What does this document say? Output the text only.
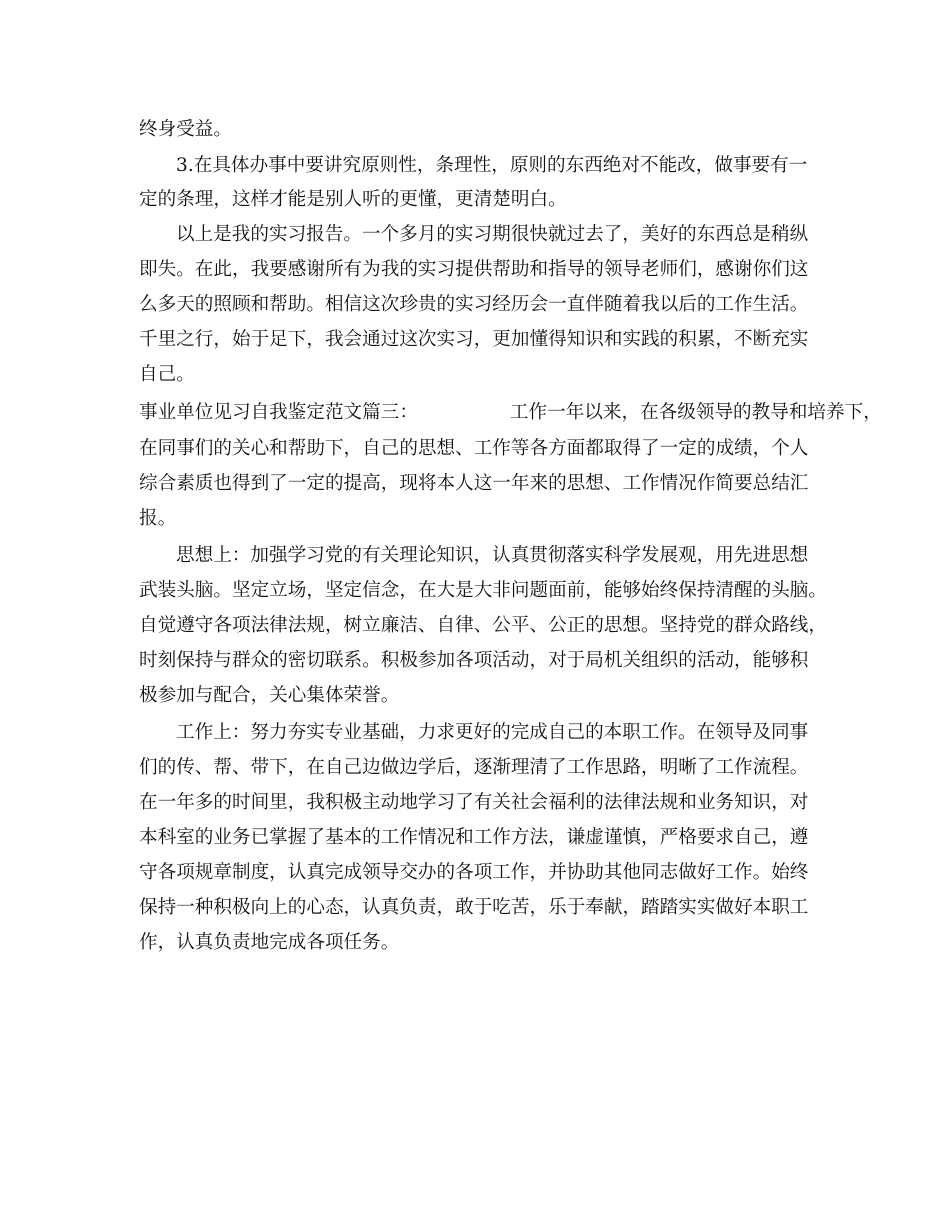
终身受益。
3.在具体办事中要讲究原则性，条理性，原则的东西绝对不能改，做事要有一
定的条理，这样才能是别人听的更懂，更清楚明白。
以上是我的实习报告。一个多月的实习期很快就过去了，美好的东西总是稍纵
即失。在此，我要感谢所有为我的实习提供帮助和指导的领导老师们，感谢你们这
么多天的照顾和帮助。相信这次珍贵的实习经历会一直伴随着我以后的工作生活。
千里之行，始于足下，我会通过这次实习，更加懂得知识和实践的积累，不断充实
自己。
事业单位见习自我鉴定范文篇三：	工作一年以来，在各级领导的教导和培养下，
在同事们的关心和帮助下，自己的思想、工作等各方面都取得了一定的成绩，个人
综合素质也得到了一定的提高，现将本人这一年来的思想、工作情况作简要总结汇
报。
思想上：加强学习党的有关理论知识，认真贯彻落实科学发展观，用先进思想
武装头脑。坚定立场，坚定信念，在大是大非问题面前，能够始终保持清醒的头脑。
自觉遵守各项法律法规，树立廉洁、自律、公平、公正的思想。坚持党的群众路线，
时刻保持与群众的密切联系。积极参加各项活动，对于局机关组织的活动，能够积
极参加与配合，关心集体荣誉。
工作上：努力夯实专业基础，力求更好的完成自己的本职工作。在领导及同事
们的传、帮、带下，在自己边做边学后，逐渐理清了工作思路，明晰了工作流程。
在一年多的时间里，我积极主动地学习了有关社会福利的法律法规和业务知识，对
本科室的业务已掌握了基本的工作情况和工作方法，谦虚谨慎，严格要求自己，遵
守各项规章制度，认真完成领导交办的各项工作，并协助其他同志做好工作。始终
保持一种积极向上的心态，认真负责，敢于吃苦，乐于奉献，踏踏实实做好本职工
作，认真负责地完成各项任务。
